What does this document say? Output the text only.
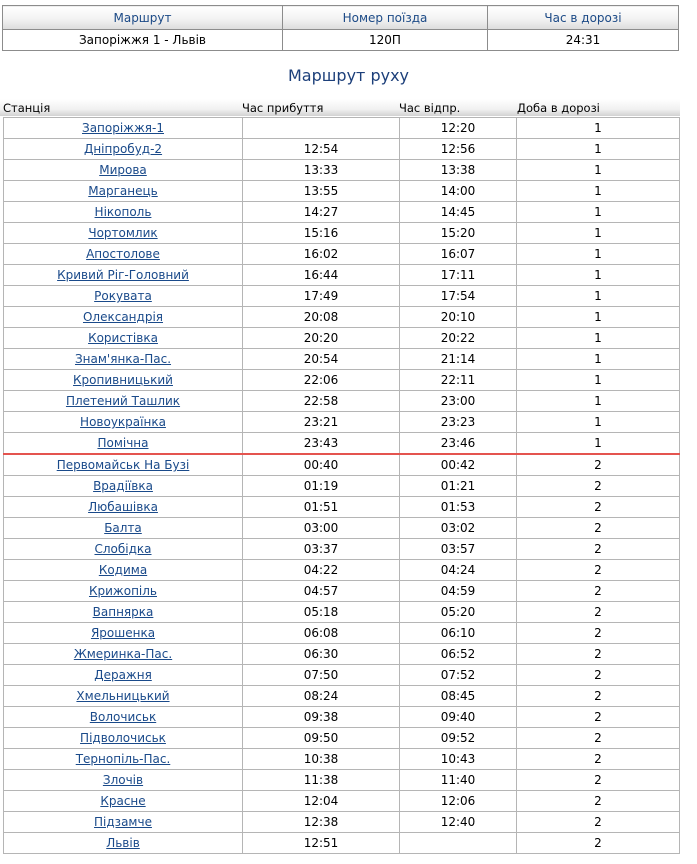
Маршрут	Номер поїзда	Час в дорозі
Запоріжжя 1 - Львів	120П	24:31
Маршрут руху
Станція	Час прибуття	Час відпр.	Доба в дорозі
Запоріжжя-1		12:20	1
Дніпробуд-2	12:54	12:56	1
Мирова	13:33	13:38	1
Марганець	13:55	14:00	1
Нікополь	14:27	14:45	1
Чортомлик	15:16	15:20	1
Апостолове	16:02	16:07	1
Кривий Ріг-Головний	16:44	17:11	1
Рокувата	17:49	17:54	1
Олександрія	20:08	20:10	1
Користівка	20:20	20:22	1
Знам'янка-Пас.	20:54	21:14	1
Кропивницький	22:06	22:11	1
Плетений Ташлик	22:58	23:00	1
Новоукраїнка	23:21	23:23	1
Помічна	23:43	23:46	1
Первомайськ На Бузі	00:40	00:42	2
Врадіївка	01:19	01:21	2
Любашівка	01:51	01:53	2
Балта	03:00	03:02	2
Слобідка	03:37	03:57	2
Кодима	04:22	04:24	2
Крижопіль	04:57	04:59	2
Вапнярка	05:18	05:20	2
Ярошенка	06:08	06:10	2
Жмеринка-Пас.	06:30	06:52	2
Деражня	07:50	07:52	2
Хмельницький	08:24	08:45	2
Волочиськ	09:38	09:40	2
Підволочиськ	09:50	09:52	2
Тернопіль-Пас.	10:38	10:43	2
Злочів	11:38	11:40	2
Красне	12:04	12:06	2
Підзамче	12:38	12:40	2
Львів	12:51		2
